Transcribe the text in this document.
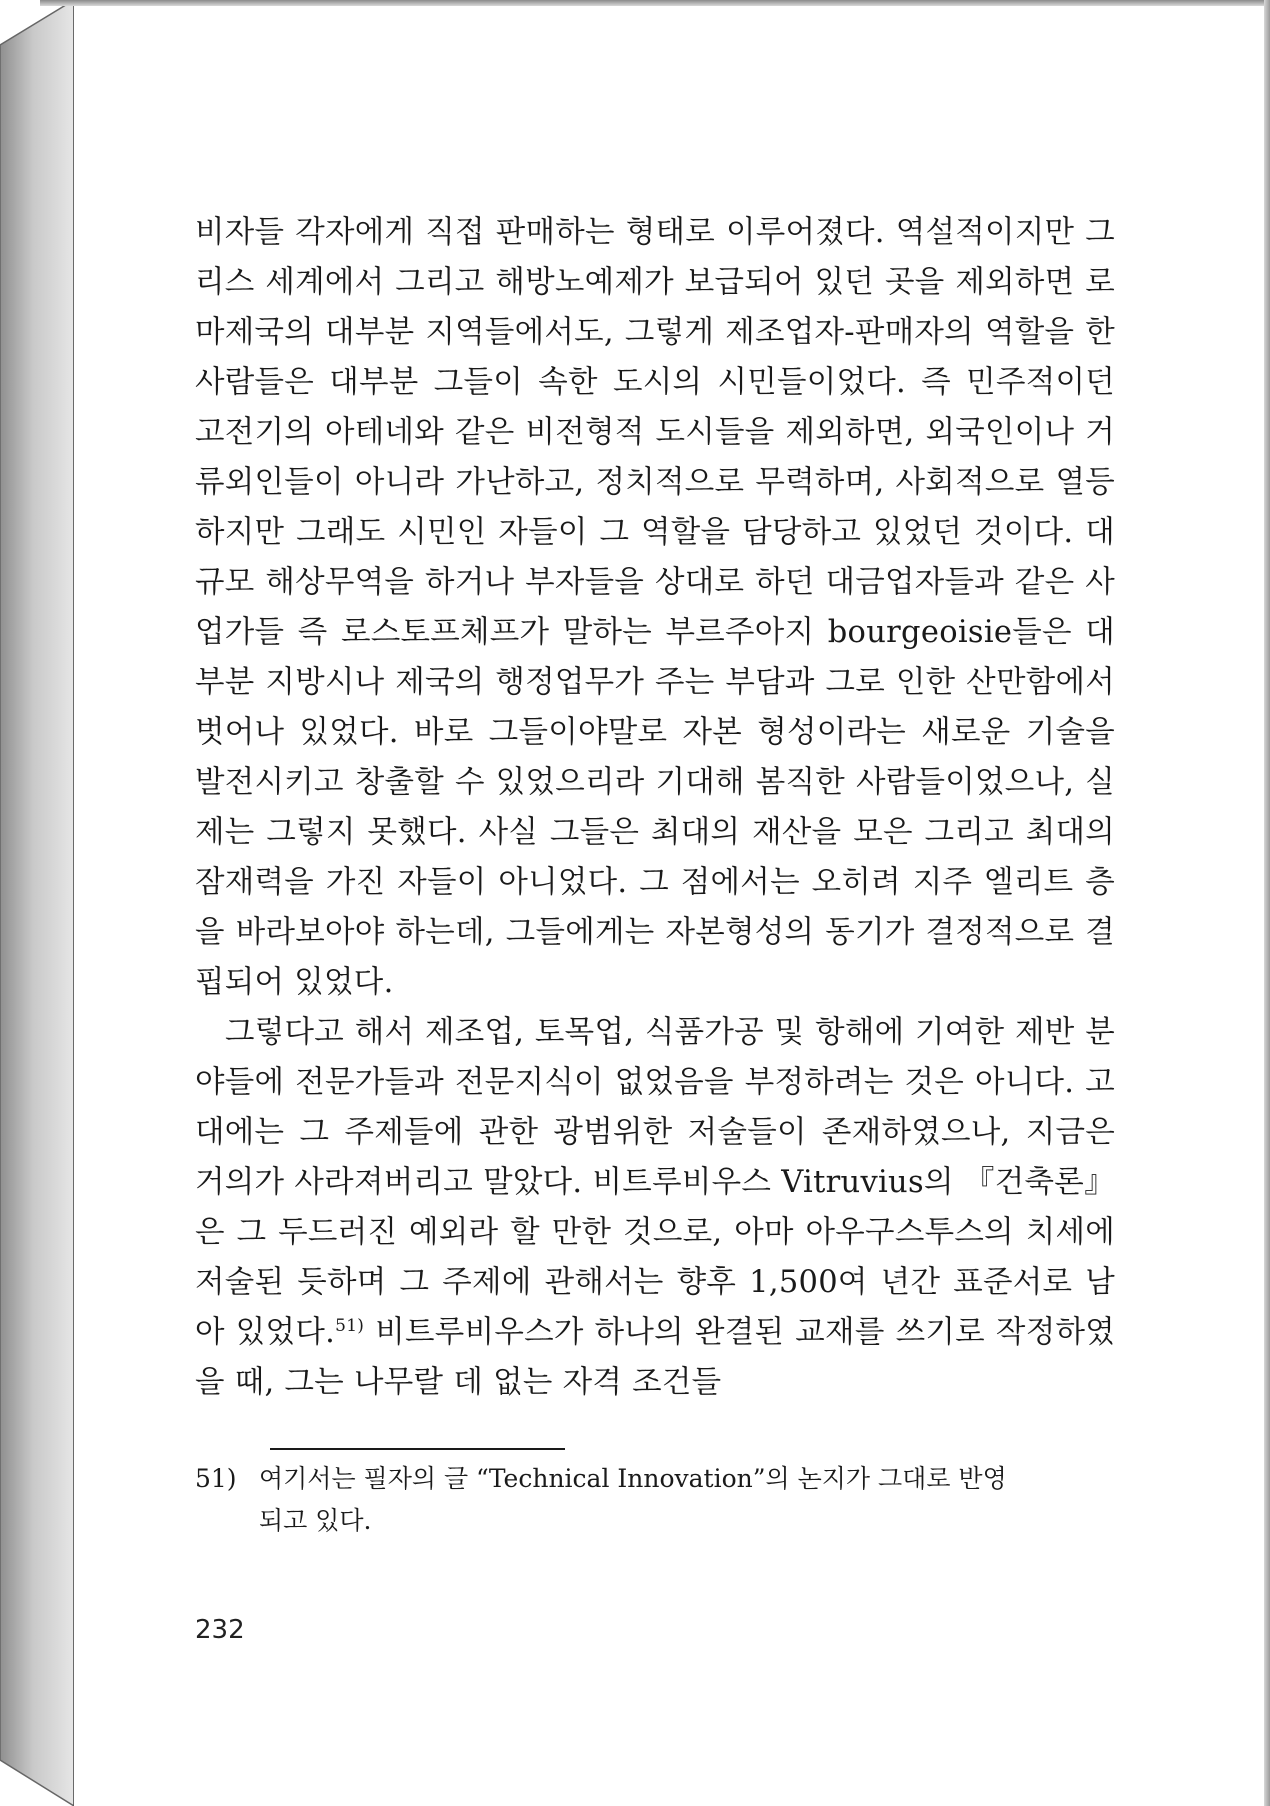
비자들 각자에게 직접 판매하는 형태로 이루어졌다. 역설적이지만 그리스 세계에서 그리고 해방노예제가 보급되어 있던 곳을 제외하면 로마제국의 대부분 지역들에서도, 그렇게 제조업자-판매자의 역할을 한 사람들은 대부분 그들이 속한 도시의 시민들이었다. 즉 민주적이던 고전기의 아테네와 같은 비전형적 도시들을 제외하면, 외국인이나 거류외인들이 아니라 가난하고, 정치적으로 무력하며, 사회적으로 열등하지만 그래도 시민인 자들이 그 역할을 담당하고 있었던 것이다. 대규모 해상무역을 하거나 부자들을 상대로 하던 대금업자들과 같은 사업가들 즉 로스토프체프가 말하는 부르주아지 bourgeoisie들은 대부분 지방시나 제국의 행정업무가 주는 부담과 그로 인한 산만함에서 벗어나 있었다. 바로 그들이야말로 자본 형성이라는 새로운 기술을 발전시키고 창출할 수 있었으리라 기대해 봄직한 사람들이었으나, 실제는 그렇지 못했다. 사실 그들은 최대의 재산을 모은 그리고 최대의 잠재력을 가진 자들이 아니었다. 그 점에서는 오히려 지주 엘리트 층을 바라보아야 하는데, 그들에게는 자본형성의 동기가 결정적으로 결핍되어 있었다.

그렇다고 해서 제조업, 토목업, 식품가공 및 항해에 기여한 제반 분야들에 전문가들과 전문지식이 없었음을 부정하려는 것은 아니다. 고대에는 그 주제들에 관한 광범위한 저술들이 존재하였으나, 지금은 거의가 사라져버리고 말았다. 비트루비우스 Vitruvius의 『건축론』은 그 두드러진 예외라 할 만한 것으로, 아마 아우구스투스의 치세에 저술된 듯하며 그 주제에 관해서는 향후 1,500여 년간 표준서로 남아 있었다.$^{51)}$ 비트루비우스가 하나의 완결된 교재를 쓰기로 작정하였을 때, 그는 나무랄 데 없는 자격 조건들

51) 여기서는 필자의 글 “Technical Innovation”의 논지가 그대로 반영
되고 있다.
232
